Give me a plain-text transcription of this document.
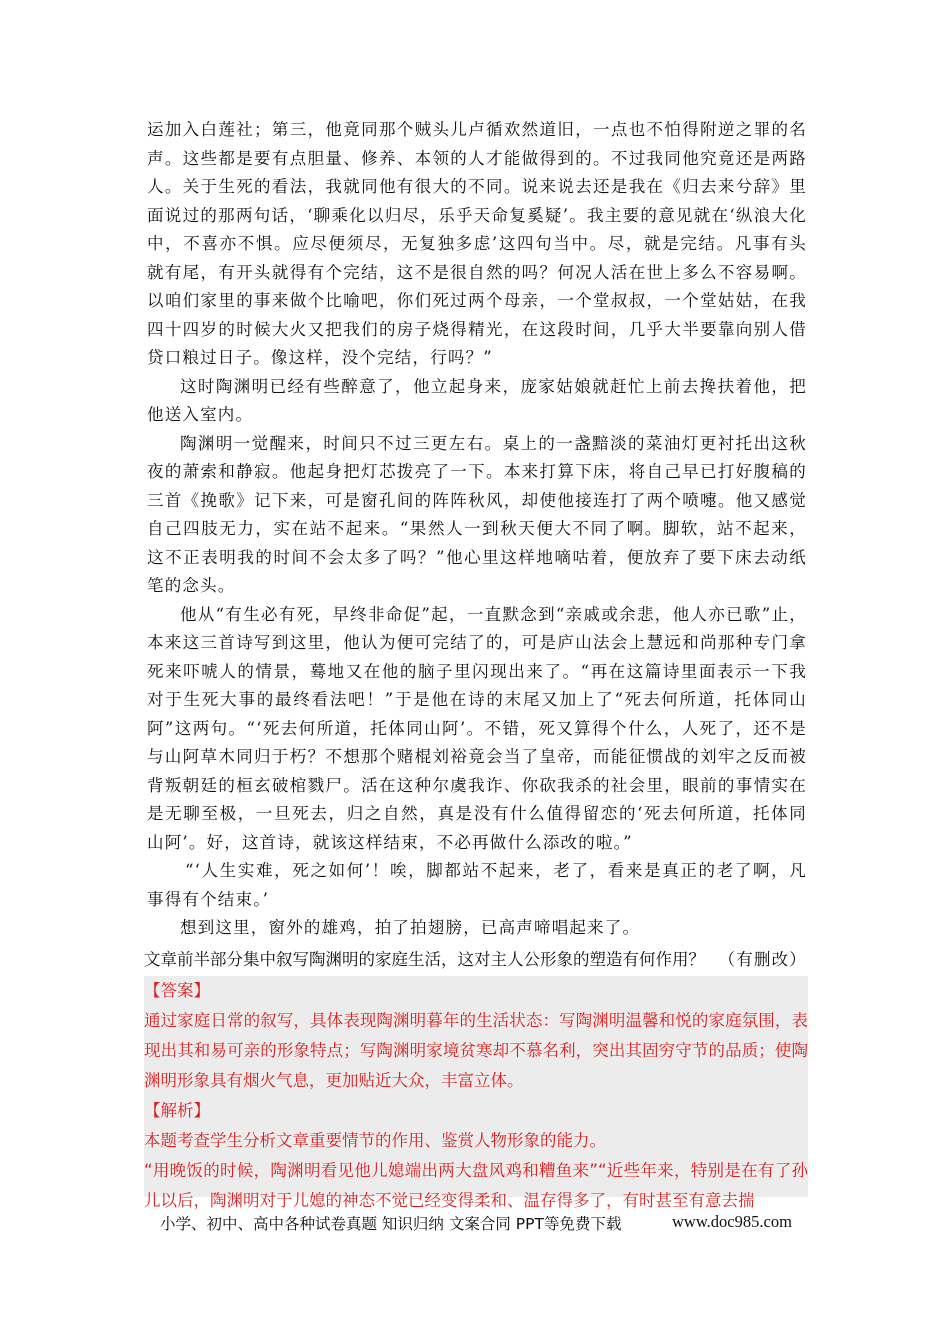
运加入白莲社；第三，他竟同那个贼头儿卢循欢然道旧，一点也不怕得附逆之罪的名声。这些都是要有点胆量、修养、本领的人才能做得到的。不过我同他究竟还是两路人。关于生死的看法，我就同他有很大的不同。说来说去还是我在《归去来兮辞》里面说过的那两句话，‘聊乘化以归尽，乐乎天命复奚疑’。我主要的意见就在‘纵浪大化中，不喜亦不惧。应尽便须尽，无复独多虑’这四句当中。尽，就是完结。凡事有头就有尾，有开头就得有个完结，这不是很自然的吗？何况人活在世上多么不容易啊。以咱们家里的事来做个比喻吧，你们死过两个母亲，一个堂叔叔，一个堂姑姑，在我四十四岁的时候大火又把我们的房子烧得精光，在这段时间，几乎大半要靠向别人借贷口粮过日子。像这样，没个完结，行吗？”

这时陶渊明已经有些醉意了，他立起身来，庞家姑娘就赶忙上前去搀扶着他，把他送入室内。

陶渊明一觉醒来，时间只不过三更左右。桌上的一盏黯淡的菜油灯更衬托出这秋夜的萧索和静寂。他起身把灯芯拨亮了一下。本来打算下床，将自己早已打好腹稿的三首《挽歌》记下来，可是窗孔间的阵阵秋风，却使他接连打了两个喷嚏。他又感觉自己四肢无力，实在站不起来。“果然人一到秋天便大不同了啊。脚软，站不起来，这不正表明我的时间不会太多了吗？”他心里这样地嘀咕着，便放弃了要下床去动纸笔的念头。

他从“有生必有死，早终非命促”起，一直默念到“亲戚或余悲，他人亦已歌”止，本来这三首诗写到这里，他认为便可完结了的，可是庐山法会上慧远和尚那种专门拿死来吓唬人的情景，蓦地又在他的脑子里闪现出来了。“再在这篇诗里面表示一下我对于生死大事的最终看法吧！”于是他在诗的末尾又加上了“死去何所道，托体同山阿”这两句。“‘死去何所道，托体同山阿’。不错，死又算得个什么，人死了，还不是与山阿草木同归于朽？不想那个赌棍刘裕竟会当了皇帝，而能征惯战的刘牢之反而被背叛朝廷的桓玄破棺戮尸。活在这种尔虞我诈、你砍我杀的社会里，眼前的事情实在是无聊至极，一旦死去，归之自然，真是没有什么值得留恋的‘死去何所道，托体同山阿’。好，这首诗，就该这样结束，不必再做什么添改的啦。”

“‘人生实难，死之如何’！唉，脚都站不起来，老了，看来是真正的老了啊，凡事得有个结束。’

想到这里，窗外的雄鸡，拍了拍翅膀，已高声啼唱起来了。

（有删改）

文章前半部分集中叙写陶渊明的家庭生活，这对主人公形象的塑造有何作用？

【答案】

通过家庭日常的叙写，具体表现陶渊明暮年的生活状态：写陶渊明温馨和悦的家庭氛围，表现出其和易可亲的形象特点；写陶渊明家境贫寒却不慕名利，突出其固穷守节的品质；使陶渊明形象具有烟火气息，更加贴近大众，丰富立体。

【解析】

本题考查学生分析文章重要情节的作用、鉴赏人物形象的能力。

“用晚饭的时候，陶渊明看见他儿媳端出两大盘风鸡和糟鱼来”“近些年来，特别是在有了孙儿以后，陶渊明对于儿媳的神态不觉已经变得柔和、温存得多了，有时甚至有意去揣

小学、初中、高中各种试卷真题 知识归纳 文案合同 PPT等免费下载	www.doc985.com
